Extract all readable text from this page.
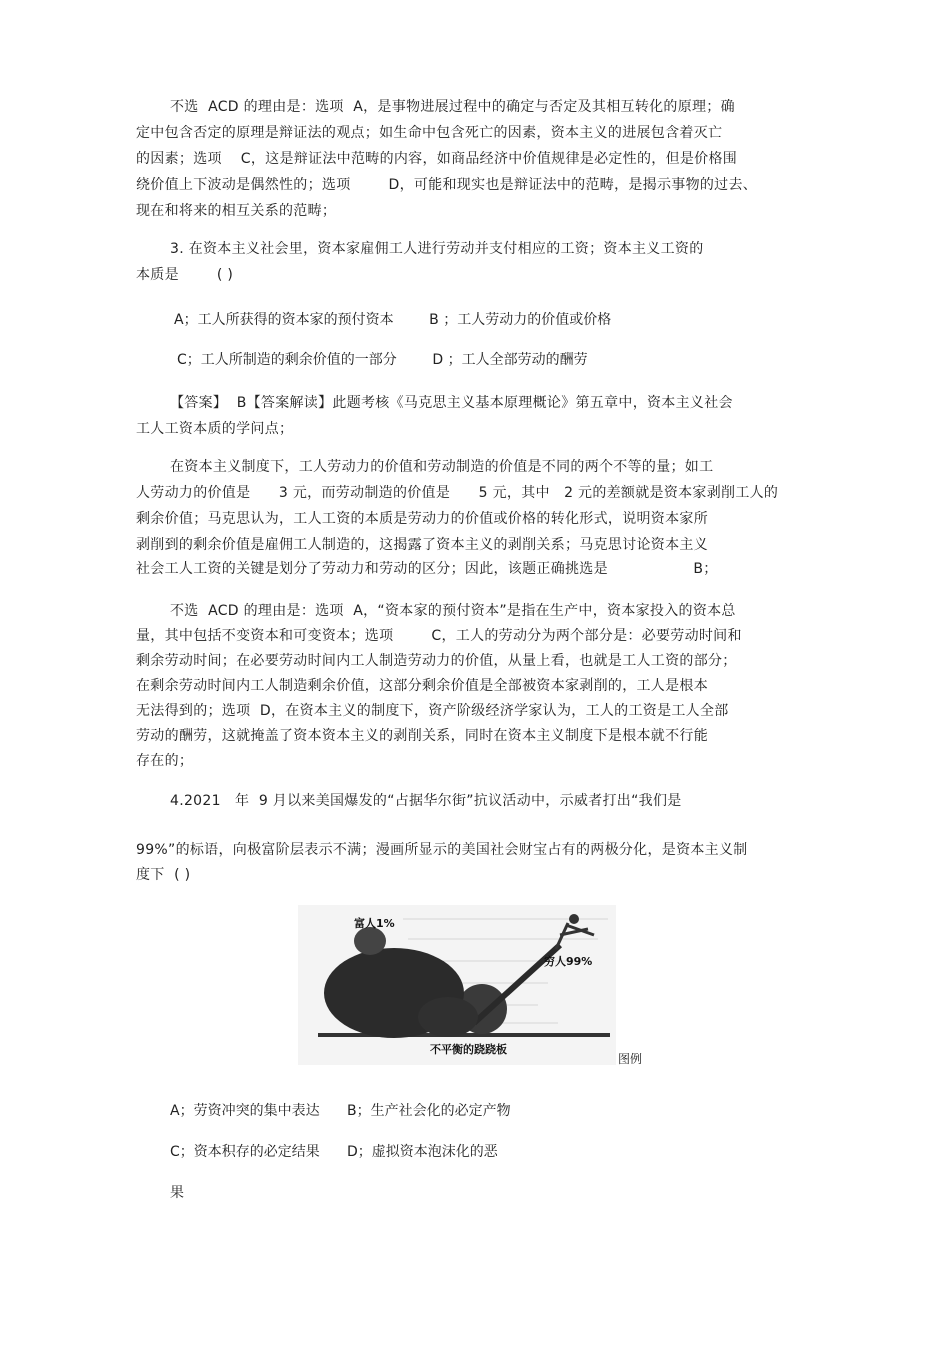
不选  ACD 的理由是：选项  A，是事物进展过程中的确定与否定及其相互转化的原理；确
定中包含否定的原理是辩证法的观点；如生命中包含死亡的因素，资本主义的进展包含着灭亡
的因素；选项    C，这是辩证法中范畴的内容，如商品经济中价值规律是必定性的，但是价格围
绕价值上下波动是偶然性的；选项        D，可能和现实也是辩证法中的范畴，是揭示事物的过去、
现在和将来的相互关系的范畴；
3. 在资本主义社会里，资本家雇佣工人进行劳动并支付相应的工资；资本主义工资的
本质是        ( )
A；工人所获得的资本家的预付资本        B ；工人劳动力的价值或价格
C；工人所制造的剩余价值的一部分        D ；工人全部劳动的酬劳
【答案】  B【答案解读】此题考核《马克思主义基本原理概论》第五章中，资本主义社会
工人工资本质的学问点；
在资本主义制度下，工人劳动力的价值和劳动制造的价值是不同的两个不等的量；如工
人劳动力的价值是      3 元，而劳动制造的价值是      5 元，其中   2 元的差额就是资本家剥削工人的
剩余价值；马克思认为，工人工资的本质是劳动力的价值或价格的转化形式，说明资本家所
剥削到的剩余价值是雇佣工人制造的，这揭露了资本主义的剥削关系；马克思讨论资本主义
社会工人工资的关键是划分了劳动力和劳动的区分；因此，该题正确挑选是                  B；
不选  ACD 的理由是：选项  A，“资本家的预付资本”是指在生产中，资本家投入的资本总
量，其中包括不变资本和可变资本；选项        C，工人的劳动分为两个部分是：必要劳动时间和
剩余劳动时间；在必要劳动时间内工人制造劳动力的价值，从量上看，也就是工人工资的部分；
在剩余劳动时间内工人制造剩余价值，这部分剩余价值是全部被资本家剥削的，工人是根本
无法得到的；选项  D，在资本主义的制度下，资产阶级经济学家认为，工人的工资是工人全部
劳动的酬劳，这就掩盖了资本资本主义的剥削关系，同时在资本主义制度下是根本就不行能
存在的；
4.2021   年  9 月以来美国爆发的“占据华尔街”抗议活动中，示威者打出“我们是
99%”的标语，向极富阶层表示不满；漫画所显示的美国社会财宝占有的两极分化，是资本主义制
度下  ( )
富人1%
穷人99%
不平衡的跷跷板
图例
A；劳资冲突的集中表达 B；生产社会化的必定产物
C；资本积存的必定结果 D；虚拟资本泡沫化的恶
果
